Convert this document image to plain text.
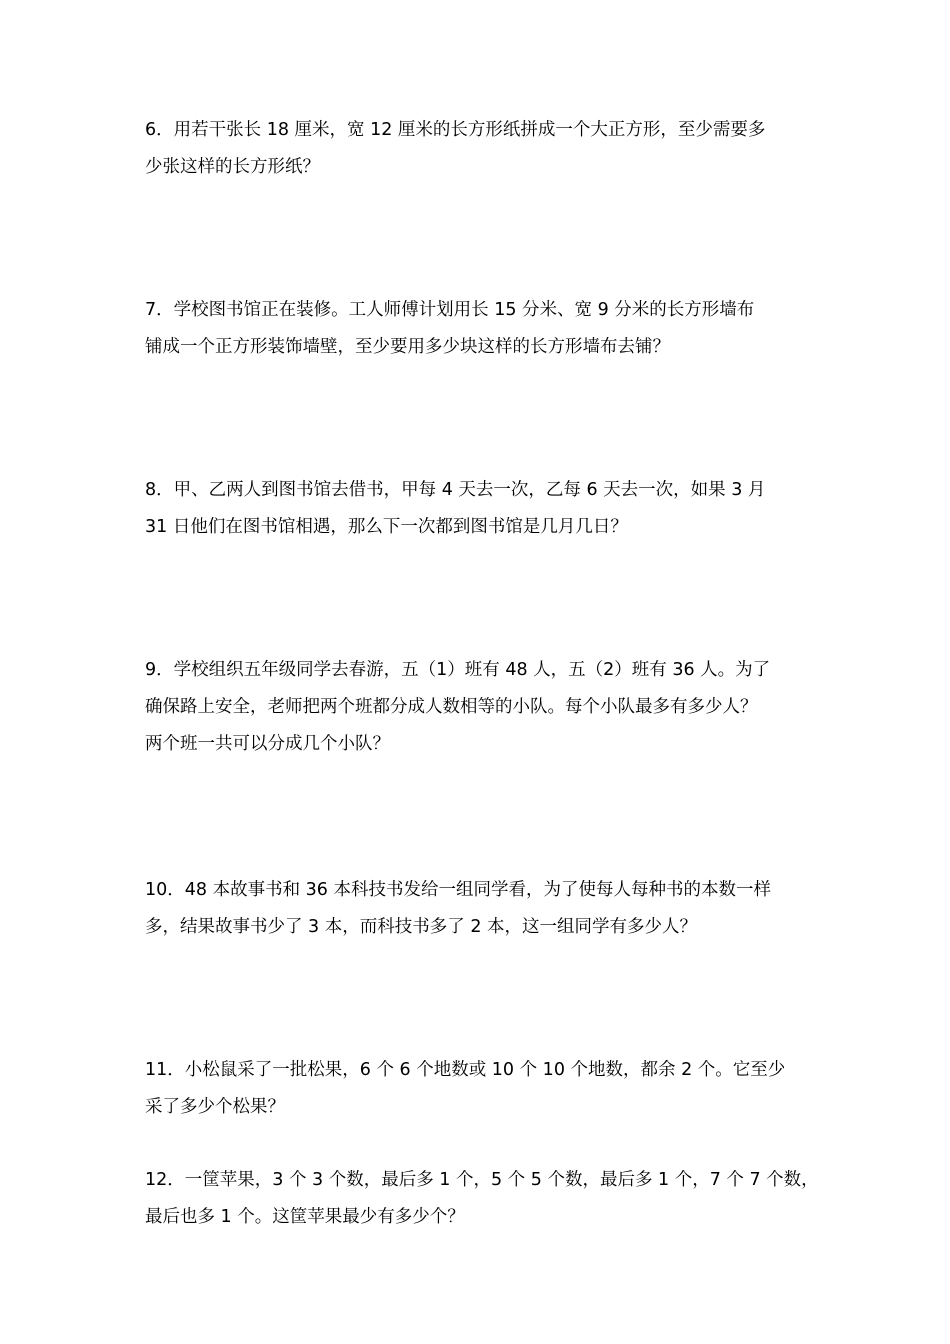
6．用若干张长 18 厘米，宽 12 厘米的长方形纸拼成一个大正方形，至少需要多
少张这样的长方形纸？
7．学校图书馆正在装修。工人师傅计划用长 15 分米、宽 9 分米的长方形墙布
铺成一个正方形装饰墙壁，至少要用多少块这样的长方形墙布去铺？
8．甲、乙两人到图书馆去借书，甲每 4 天去一次，乙每 6 天去一次，如果 3 月
31 日他们在图书馆相遇，那么下一次都到图书馆是几月几日？
9．学校组织五年级同学去春游，五（1）班有 48 人，五（2）班有 36 人。为了
确保路上安全，老师把两个班都分成人数相等的小队。每个小队最多有多少人？
两个班一共可以分成几个小队？
10．48 本故事书和 36 本科技书发给一组同学看，为了使每人每种书的本数一样
多，结果故事书少了 3 本，而科技书多了 2 本，这一组同学有多少人？
11．小松鼠采了一批松果，6 个 6 个地数或 10 个 10 个地数，都余 2 个。它至少
采了多少个松果？
12．一筐苹果，3 个 3 个数，最后多 1 个，5 个 5 个数，最后多 1 个，7 个 7 个数，
最后也多 1 个。这筐苹果最少有多少个？
